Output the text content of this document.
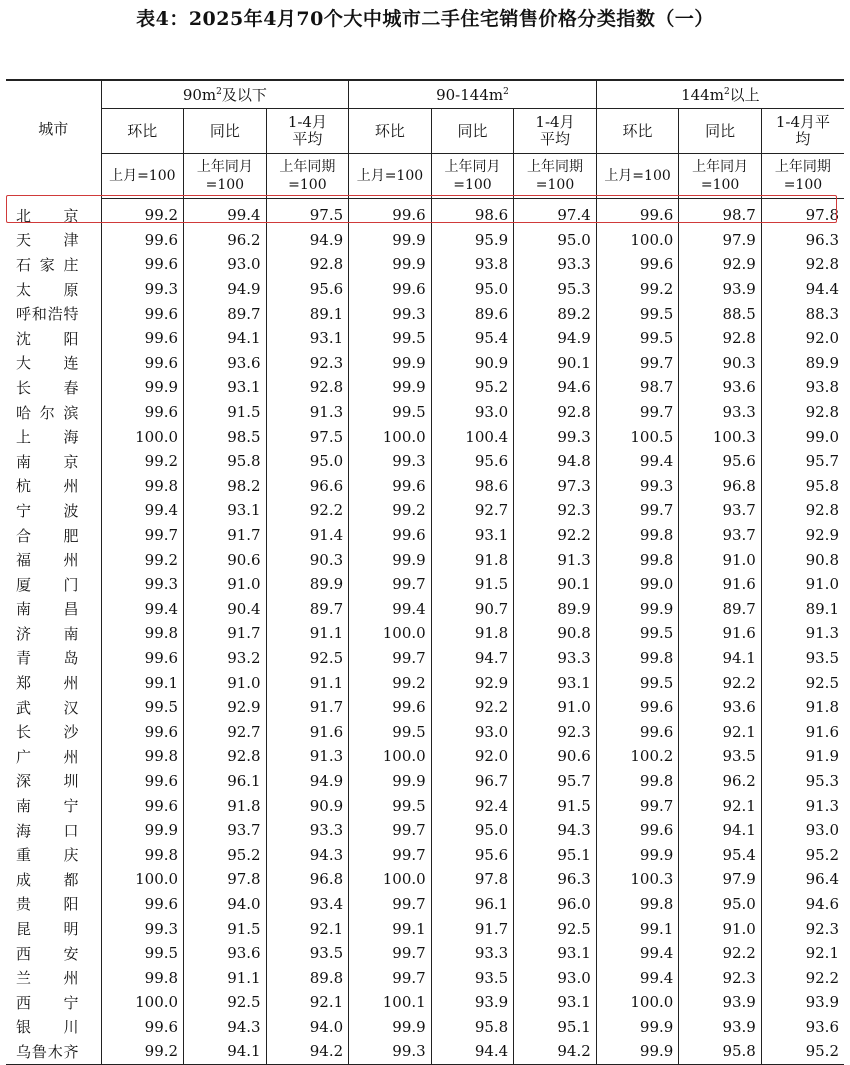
表4：2025年4月70个大中城市二手住宅销售价格分类指数（一）
	$90m^2$及以下			$90-144m^2$			$144m^2$以上		
城市	环比	同比	1-4月平均	环比	同比	1-4月平均	环比	同比	1-4月平均
	上月=100	上年同月=100	上年同期=100	上月=100	上年同月=100	上年同期=100	上月=100	上年同月=100	上年同期=100
北京	99.2	99.4	97.5	99.6	98.6	97.4	99.6	98.7	97.8
天津	99.6	96.2	94.9	99.9	95.9	95.0	100.0	97.9	96.3
石家庄	99.6	93.0	92.8	99.9	93.8	93.3	99.6	92.9	92.8
太原	99.3	94.9	95.6	99.6	95.0	95.3	99.2	93.9	94.4
呼和浩特	99.6	89.7	89.1	99.3	89.6	89.2	99.5	88.5	88.3
沈阳	99.6	94.1	93.1	99.5	95.4	94.9	99.5	92.8	92.0
大连	99.6	93.6	92.3	99.9	90.9	90.1	99.7	90.3	89.9
长春	99.9	93.1	92.8	99.9	95.2	94.6	98.7	93.6	93.8
哈尔滨	99.6	91.5	91.3	99.5	93.0	92.8	99.7	93.3	92.8
上海	100.0	98.5	97.5	100.0	100.4	99.3	100.5	100.3	99.0
南京	99.2	95.8	95.0	99.3	95.6	94.8	99.4	95.6	95.7
杭州	99.8	98.2	96.6	99.6	98.6	97.3	99.3	96.8	95.8
宁波	99.4	93.1	92.2	99.2	92.7	92.3	99.7	93.7	92.8
合肥	99.7	91.7	91.4	99.6	93.1	92.2	99.8	93.7	92.9
福州	99.2	90.6	90.3	99.9	91.8	91.3	99.8	91.0	90.8
厦门	99.3	91.0	89.9	99.7	91.5	90.1	99.0	91.6	91.0
南昌	99.4	90.4	89.7	99.4	90.7	89.9	99.9	89.7	89.1
济南	99.8	91.7	91.1	100.0	91.8	90.8	99.5	91.6	91.3
青岛	99.6	93.2	92.5	99.7	94.7	93.3	99.8	94.1	93.5
郑州	99.1	91.0	91.1	99.2	92.9	93.1	99.5	92.2	92.5
武汉	99.5	92.9	91.7	99.6	92.2	91.0	99.6	93.6	91.8
长沙	99.6	92.7	91.6	99.5	93.0	92.3	99.6	92.1	91.6
广州	99.8	92.8	91.3	100.0	92.0	90.6	100.2	93.5	91.9
深圳	99.6	96.1	94.9	99.9	96.7	95.7	99.8	96.2	95.3
南宁	99.6	91.8	90.9	99.5	92.4	91.5	99.7	92.1	91.3
海口	99.9	93.7	93.3	99.7	95.0	94.3	99.6	94.1	93.0
重庆	99.8	95.2	94.3	99.7	95.6	95.1	99.9	95.4	95.2
成都	100.0	97.8	96.8	100.0	97.8	96.3	100.3	97.9	96.4
贵阳	99.6	94.0	93.4	99.7	96.1	96.0	99.8	95.0	94.6
昆明	99.3	91.5	92.1	99.1	91.7	92.5	99.1	91.0	92.3
西安	99.5	93.6	93.5	99.7	93.3	93.1	99.4	92.2	92.1
兰州	99.8	91.1	89.8	99.7	93.5	93.0	99.4	92.3	92.2
西宁	100.0	92.5	92.1	100.1	93.9	93.1	100.0	93.9	93.9
银川	99.6	94.3	94.0	99.9	95.8	95.1	99.9	93.9	93.6
乌鲁木齐	99.2	94.1	94.2	99.3	94.4	94.2	99.9	95.8	95.2
